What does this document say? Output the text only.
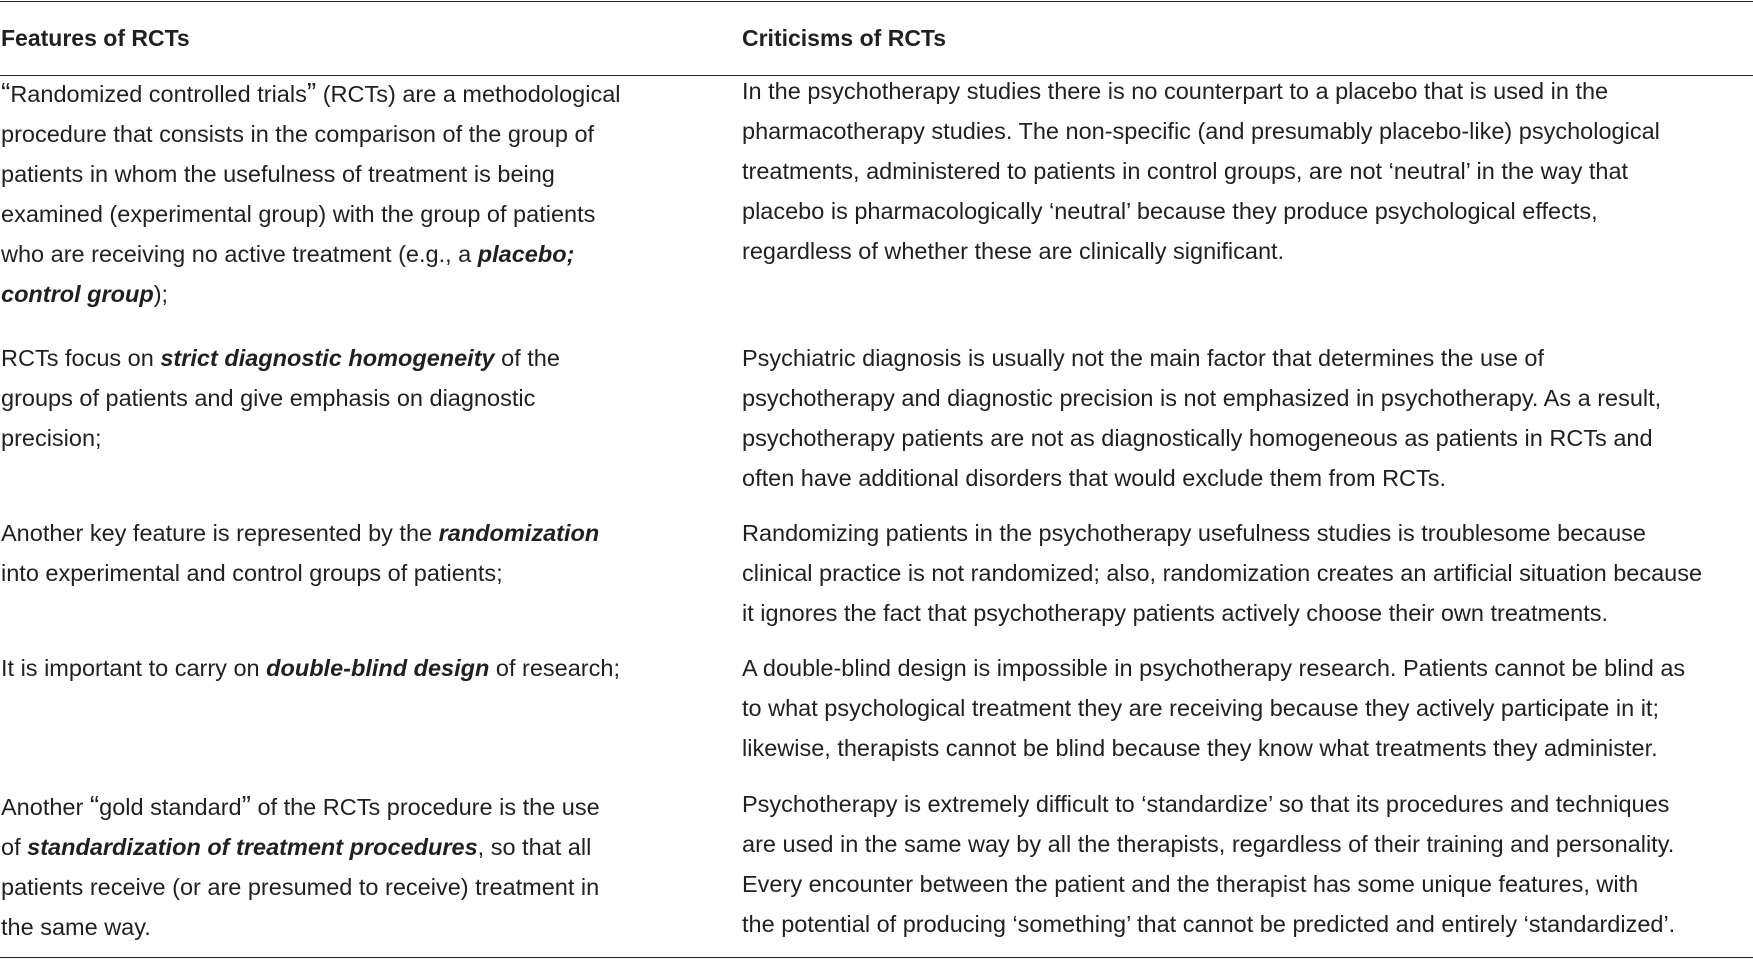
Features of RCTs	Criticisms of RCTs
“Randomized controlled trials” (RCTs) are a methodological
procedure that consists in the comparison of the group of
patients in whom the usefulness of treatment is being
examined (experimental group) with the group of patients
who are receiving no active treatment (e.g., a placebo;
control group);
In the psychotherapy studies there is no counterpart to a placebo that is used in the
pharmacotherapy studies. The non-specific (and presumably placebo-like) psychological
treatments, administered to patients in control groups, are not ‘neutral’ in the way that
placebo is pharmacologically ‘neutral’ because they produce psychological effects,
regardless of whether these are clinically significant.
RCTs focus on strict diagnostic homogeneity of the
groups of patients and give emphasis on diagnostic
precision;
Psychiatric diagnosis is usually not the main factor that determines the use of
psychotherapy and diagnostic precision is not emphasized in psychotherapy. As a result,
psychotherapy patients are not as diagnostically homogeneous as patients in RCTs and
often have additional disorders that would exclude them from RCTs.
Another key feature is represented by the randomization
into experimental and control groups of patients;
Randomizing patients in the psychotherapy usefulness studies is troublesome because
clinical practice is not randomized; also, randomization creates an artificial situation because
it ignores the fact that psychotherapy patients actively choose their own treatments.
It is important to carry on double-blind design of research;	A double-blind design is impossible in psychotherapy research. Patients cannot be blind as
to what psychological treatment they are receiving because they actively participate in it;
likewise, therapists cannot be blind because they know what treatments they administer.
Another “gold standard” of the RCTs procedure is the use
of standardization of treatment procedures, so that all
patients receive (or are presumed to receive) treatment in
the same way.
Psychotherapy is extremely difficult to ‘standardize’ so that its procedures and techniques
are used in the same way by all the therapists, regardless of their training and personality.
Every encounter between the patient and the therapist has some unique features, with
the potential of producing ‘something’ that cannot be predicted and entirely ‘standardized’.
